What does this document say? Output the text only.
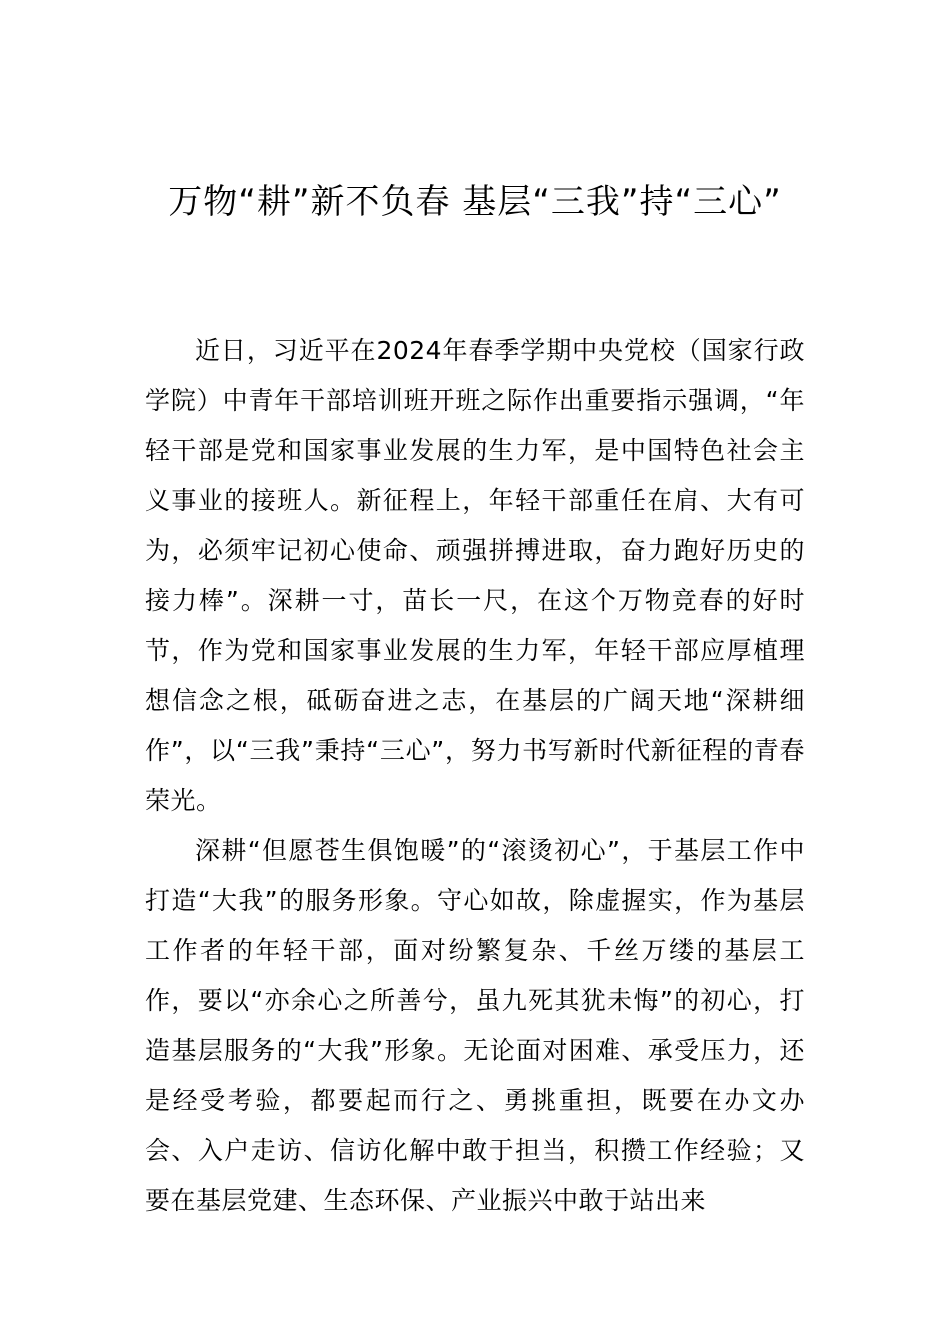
万物“耕”新不负春 基层“三我”持“三心”

近日，习近平在2024年春季学期中央党校（国家行政学院）中青年干部培训班开班之际作出重要指示强调，“年轻干部是党和国家事业发展的生力军，是中国特色社会主义事业的接班人。新征程上，年轻干部重任在肩、大有可为，必须牢记初心使命、顽强拼搏进取，奋力跑好历史的接力棒”。深耕一寸，苗长一尺，在这个万物竞春的好时节，作为党和国家事业发展的生力军，年轻干部应厚植理想信念之根，砥砺奋进之志，在基层的广阔天地“深耕细作”，以“三我”秉持“三心”，努力书写新时代新征程的青春荣光。

深耕“但愿苍生俱饱暖”的“滚烫初心”，于基层工作中打造“大我”的服务形象。守心如故，除虚握实，作为基层工作者的年轻干部，面对纷繁复杂、千丝万缕的基层工作，要以“亦余心之所善兮，虽九死其犹未悔”的初心，打造基层服务的“大我”形象。无论面对困难、承受压力，还是经受考验，都要起而行之、勇挑重担，既要在办文办会、入户走访、信访化解中敢于担当，积攒工作经验；又要在基层党建、生态环保、产业振兴中敢于站出来
